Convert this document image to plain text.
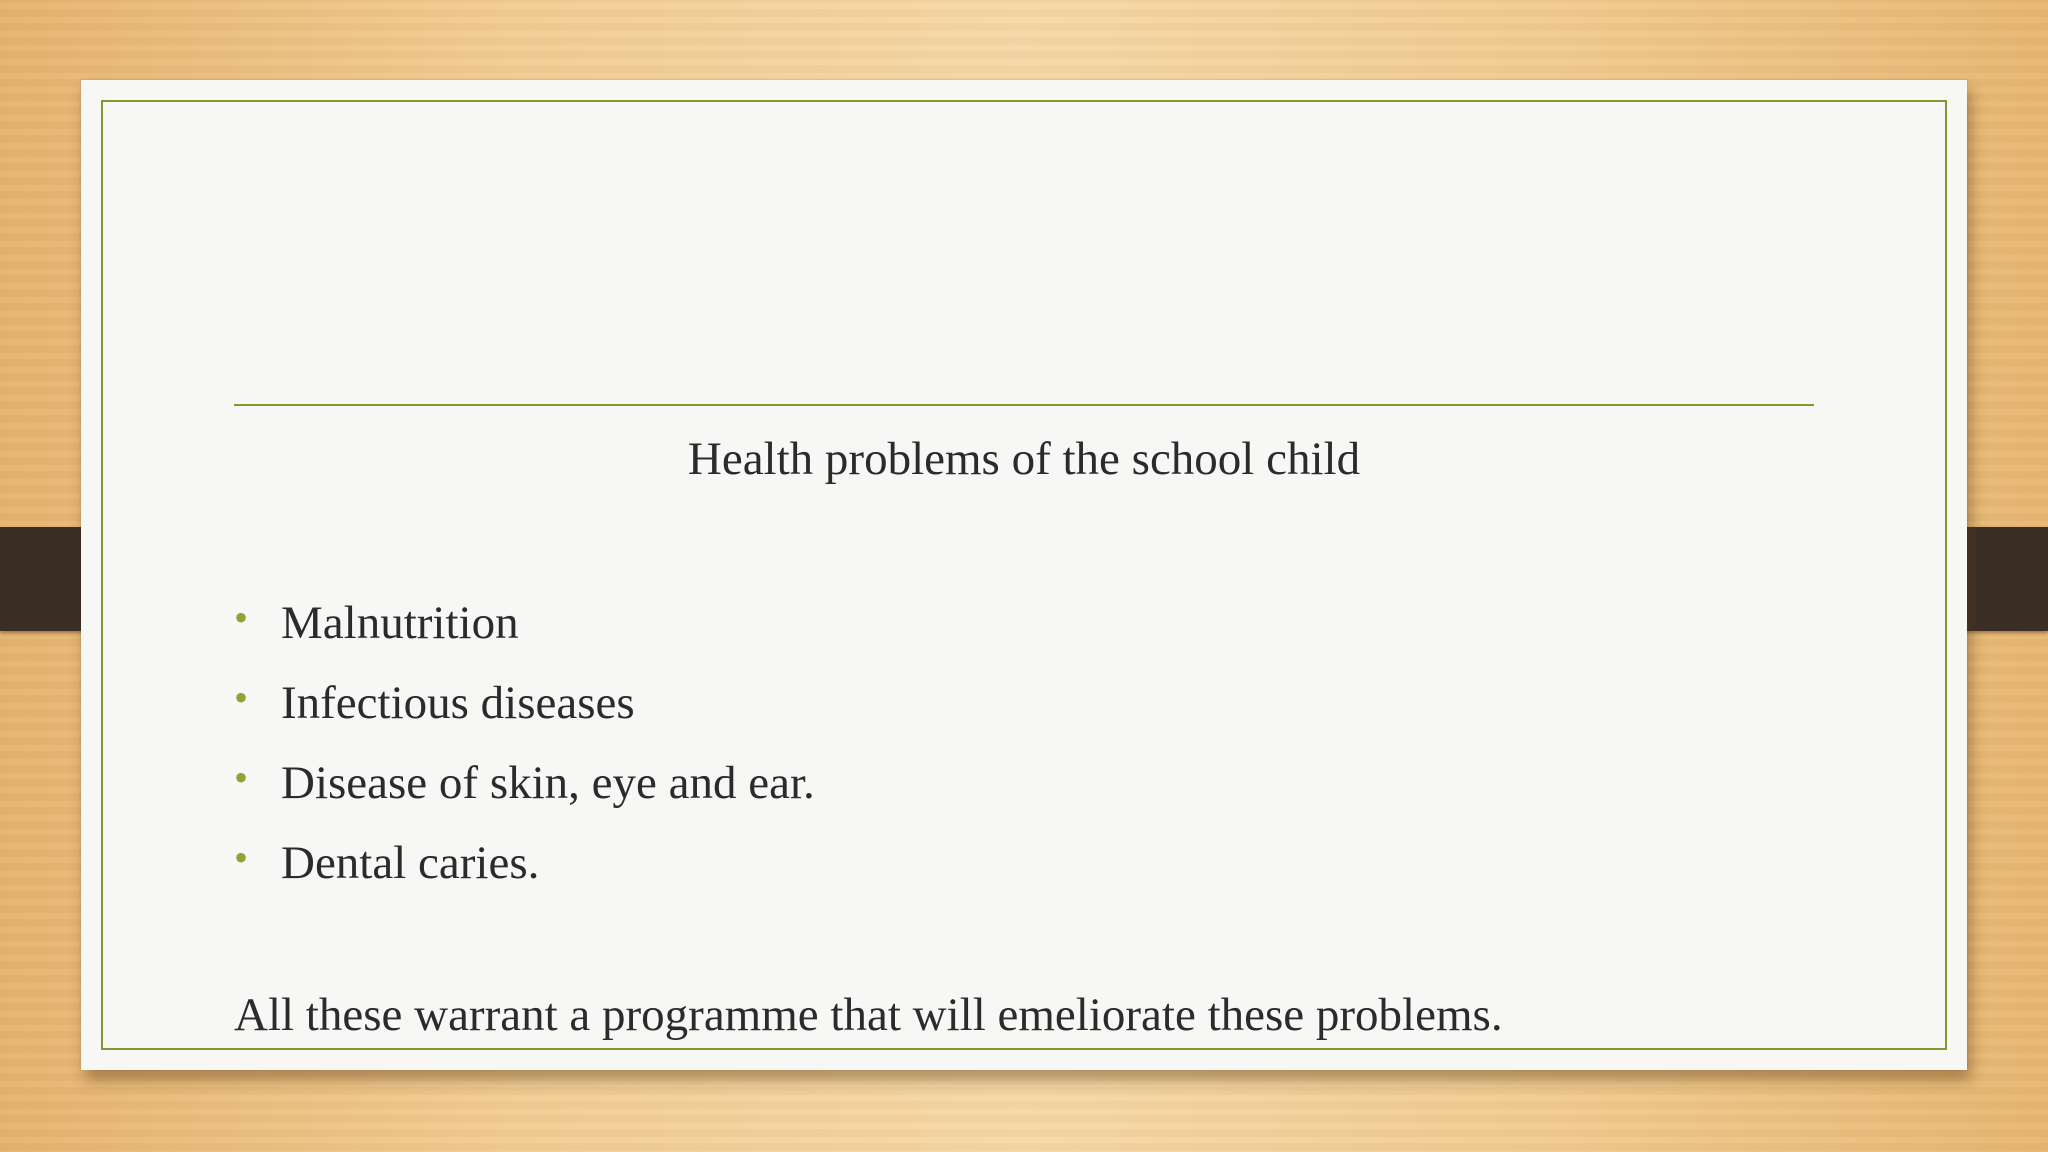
Health problems of the school child
• Malnutrition
• Infectious diseases
• Disease of skin, eye and ear.
• Dental caries.
All these warrant a programme that will emeliorate these problems.
